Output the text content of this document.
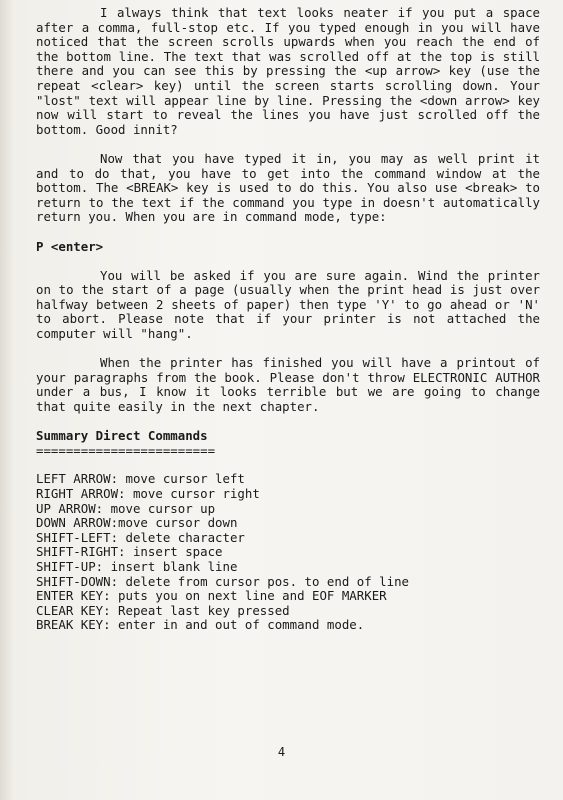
I always think that text looks neater if you put a space after a comma, full-stop etc. If you typed enough in you will have noticed that the screen scrolls upwards when you reach the end of the bottom line. The text that was scrolled off at the top is still there and you can see this by pressing the <up arrow> key (use the repeat <clear> key) until the screen starts scrolling down. Your "lost" text will appear line by line. Pressing the <down arrow> key now will start to reveal the lines you have just scrolled off the bottom. Good innit?

Now that you have typed it in, you may as well print it and to do that, you have to get into the command window at the bottom. The <BREAK> key is used to do this. You also use <break> to return to the text if the command you type in doesn't automatically return you. When you are in command mode, type:

P <enter>

You will be asked if you are sure again. Wind the printer on to the start of a page (usually when the print head is just over halfway between 2 sheets of paper) then type 'Y' to go ahead or 'N' to abort. Please note that if your printer is not attached the computer will "hang".

When the printer has finished you will have a printout of your paragraphs from the book. Please don't throw ELECTRONIC AUTHOR under a bus, I know it looks terrible but we are going to change that quite easily in the next chapter.

Summary Direct Commands
========================
LEFT ARROW: move cursor left
RIGHT ARROW: move cursor right
UP ARROW: move cursor up
DOWN ARROW:move cursor down
SHIFT-LEFT: delete character
SHIFT-RIGHT: insert space
SHIFT-UP: insert blank line
SHIFT-DOWN: delete from cursor pos. to end of line
ENTER KEY: puts you on next line and EOF MARKER
CLEAR KEY: Repeat last key pressed
BREAK KEY: enter in and out of command mode.
4
